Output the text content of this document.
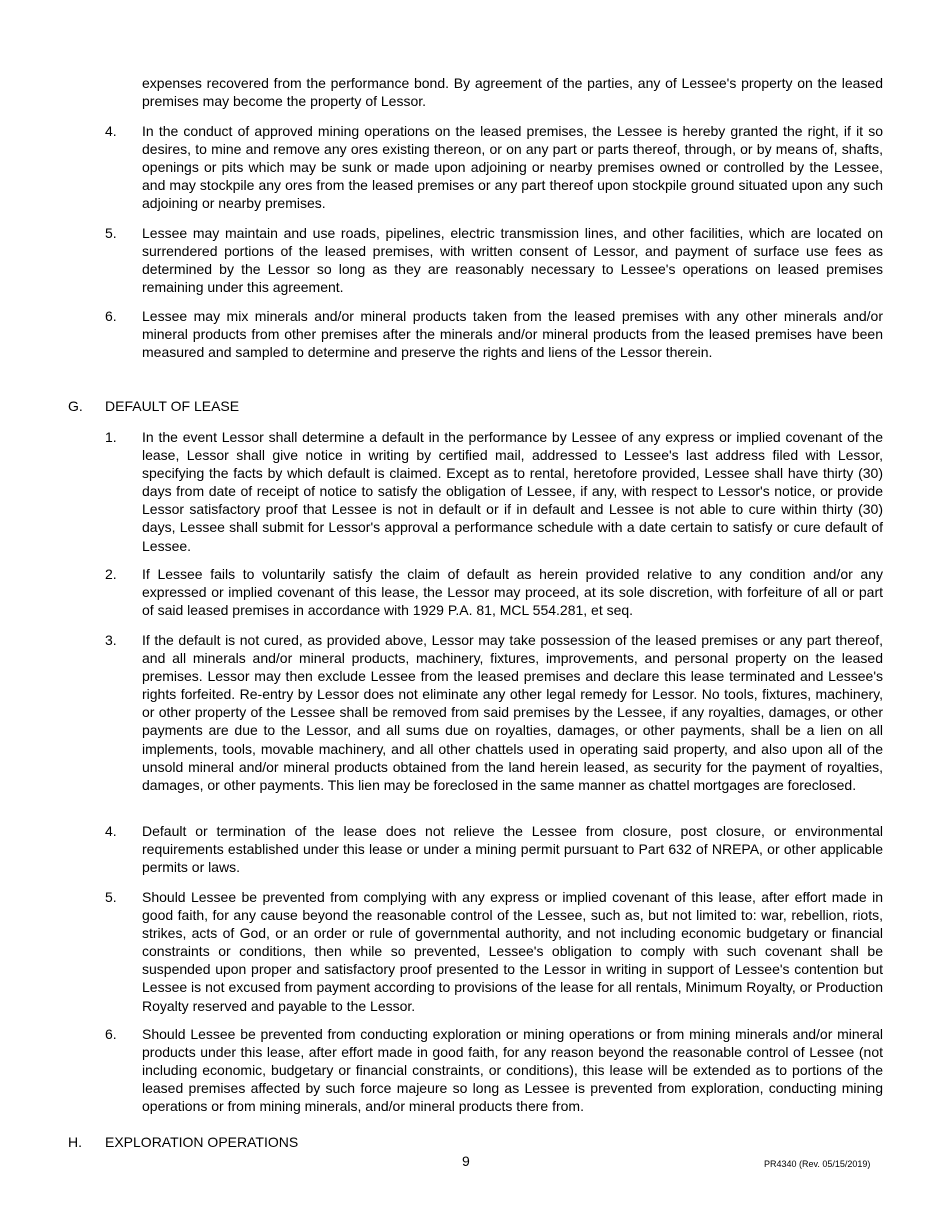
expenses recovered from the performance bond. By agreement of the parties, any of Lessee's property on the leased premises may become the property of Lessor.

4. In the conduct of approved mining operations on the leased premises, the Lessee is hereby granted the right, if it so desires, to mine and remove any ores existing thereon, or on any part or parts thereof, through, or by means of, shafts, openings or pits which may be sunk or made upon adjoining or nearby premises owned or controlled by the Lessee, and may stockpile any ores from the leased premises or any part thereof upon stockpile ground situated upon any such adjoining or nearby premises.
5. Lessee may maintain and use roads, pipelines, electric transmission lines, and other facilities, which are located on surrendered portions of the leased premises, with written consent of Lessor, and payment of surface use fees as determined by the Lessor so long as they are reasonably necessary to Lessee's operations on leased premises remaining under this agreement.
6. Lessee may mix minerals and/or mineral products taken from the leased premises with any other minerals and/or mineral products from other premises after the minerals and/or mineral products from the leased premises have been measured and sampled to determine and preserve the rights and liens of the Lessor therein.
G. DEFAULT OF LEASE
1. In the event Lessor shall determine a default in the performance by Lessee of any express or implied covenant of the lease, Lessor shall give notice in writing by certified mail, addressed to Lessee's last address filed with Lessor, specifying the facts by which default is claimed. Except as to rental, heretofore provided, Lessee shall have thirty (30) days from date of receipt of notice to satisfy the obligation of Lessee, if any, with respect to Lessor's notice, or provide Lessor satisfactory proof that Lessee is not in default or if in default and Lessee is not able to cure within thirty (30) days, Lessee shall submit for Lessor's approval a performance schedule with a date certain to satisfy or cure default of Lessee.
2. If Lessee fails to voluntarily satisfy the claim of default as herein provided relative to any condition and/or any expressed or implied covenant of this lease, the Lessor may proceed, at its sole discretion, with forfeiture of all or part of said leased premises in accordance with 1929 P.A. 81, MCL 554.281, et seq.
3. If the default is not cured, as provided above, Lessor may take possession of the leased premises or any part thereof, and all minerals and/or mineral products, machinery, fixtures, improvements, and personal property on the leased premises. Lessor may then exclude Lessee from the leased premises and declare this lease terminated and Lessee's rights forfeited. Re-entry by Lessor does not eliminate any other legal remedy for Lessor. No tools, fixtures, machinery, or other property of the Lessee shall be removed from said premises by the Lessee, if any royalties, damages, or other payments are due to the Lessor, and all sums due on royalties, damages, or other payments, shall be a lien on all implements, tools, movable machinery, and all other chattels used in operating said property, and also upon all of the unsold mineral and/or mineral products obtained from the land herein leased, as security for the payment of royalties, damages, or other payments. This lien may be foreclosed in the same manner as chattel mortgages are foreclosed.
4. Default or termination of the lease does not relieve the Lessee from closure, post closure, or environmental requirements established under this lease or under a mining permit pursuant to Part 632 of NREPA, or other applicable permits or laws.
5. Should Lessee be prevented from complying with any express or implied covenant of this lease, after effort made in good faith, for any cause beyond the reasonable control of the Lessee, such as, but not limited to: war, rebellion, riots, strikes, acts of God, or an order or rule of governmental authority, and not including economic budgetary or financial constraints or conditions, then while so prevented, Lessee's obligation to comply with such covenant shall be suspended upon proper and satisfactory proof presented to the Lessor in writing in support of Lessee's contention but Lessee is not excused from payment according to provisions of the lease for all rentals, Minimum Royalty, or Production Royalty reserved and payable to the Lessor.
6. Should Lessee be prevented from conducting exploration or mining operations or from mining minerals and/or mineral products under this lease, after effort made in good faith, for any reason beyond the reasonable control of Lessee (not including economic, budgetary or financial constraints, or conditions), this lease will be extended as to portions of the leased premises affected by such force majeure so long as Lessee is prevented from exploration, conducting mining operations or from mining minerals, and/or mineral products there from.
H. EXPLORATION OPERATIONS
9	PR4340 (Rev. 05/15/2019)
